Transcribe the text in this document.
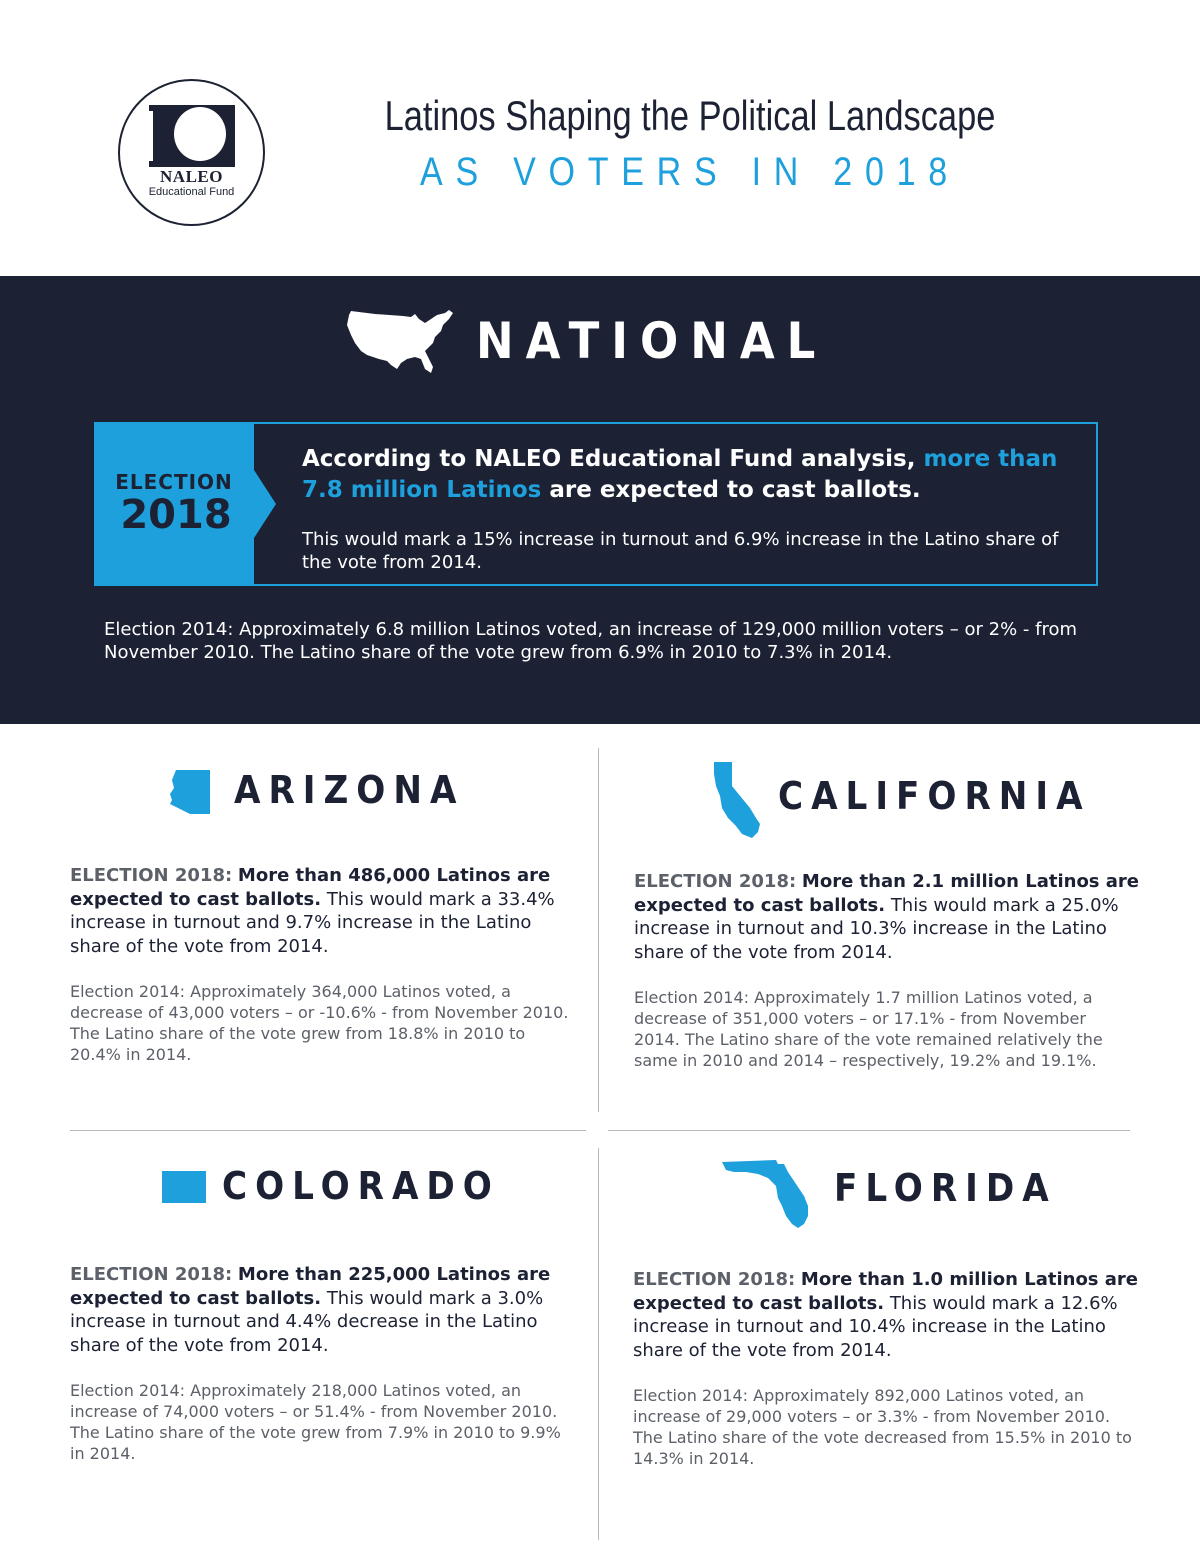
NALEO
Educational Fund
Latinos Shaping the Political Landscape
AS VOTERS IN 2018
NATIONAL
ELECTION
2018
According to NALEO Educational Fund analysis, more than 7.8 million Latinos are expected to cast ballots.
This would mark a 15% increase in turnout and 6.9% increase in the Latino share of the vote from 2014.
Election 2014: Approximately 6.8 million Latinos voted, an increase of 129,000 million voters – or 2% - from November 2010. The Latino share of the vote grew from 6.9% in 2010 to 7.3% in 2014.
ARIZONA
ELECTION 2018: More than 486,000 Latinos are expected to cast ballots. This would mark a 33.4% increase in turnout and 9.7% increase in the Latino share of the vote from 2014.
Election 2014: Approximately 364,000 Latinos voted, a decrease of 43,000 voters – or -10.6% - from November 2010. The Latino share of the vote grew from 18.8% in 2010 to 20.4% in 2014.
CALIFORNIA
ELECTION 2018: More than 2.1 million Latinos are expected to cast ballots. This would mark a 25.0% increase in turnout and 10.3% increase in the Latino share of the vote from 2014.
Election 2014: Approximately 1.7 million Latinos voted, a decrease of 351,000 voters – or 17.1% - from November 2014. The Latino share of the vote remained relatively the same in 2010 and 2014 – respectively, 19.2% and 19.1%.
COLORADO
ELECTION 2018: More than 225,000 Latinos are expected to cast ballots. This would mark a 3.0% increase in turnout and 4.4% decrease in the Latino share of the vote from 2014.
Election 2014: Approximately 218,000 Latinos voted, an increase of 74,000 voters – or 51.4% - from November 2010. The Latino share of the vote grew from 7.9% in 2010 to 9.9% in 2014.
FLORIDA
ELECTION 2018: More than 1.0 million Latinos are expected to cast ballots. This would mark a 12.6% increase in turnout and 10.4% increase in the Latino share of the vote from 2014.
Election 2014: Approximately 892,000 Latinos voted, an increase of 29,000 voters – or 3.3% - from November 2010. The Latino share of the vote decreased from 15.5% in 2010 to 14.3% in 2014.
